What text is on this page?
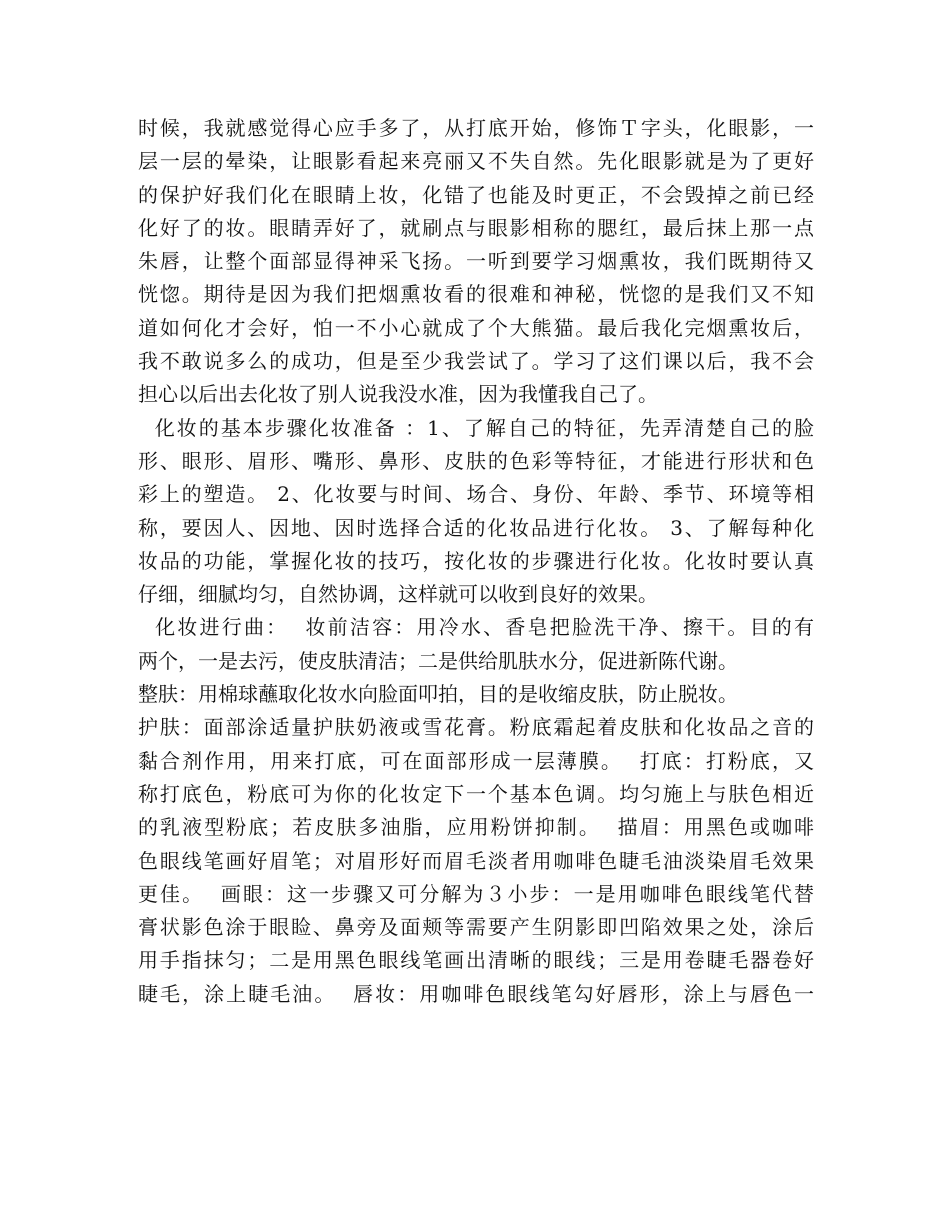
时候，我就感觉得心应手多了，从打底开始，修饰Ｔ字头，化眼影，一
层一层的晕染，让眼影看起来亮丽又不失自然。先化眼影就是为了更好
的保护好我们化在眼睛上妆，化错了也能及时更正，不会毁掉之前已经
化好了的妆。眼睛弄好了，就刷点与眼影相称的腮红，最后抹上那一点
朱唇，让整个面部显得神采飞扬。一听到要学习烟熏妆，我们既期待又
恍惚。期待是因为我们把烟熏妆看的很难和神秘，恍惚的是我们又不知
道如何化才会好，怕一不小心就成了个大熊猫。最后我化完烟熏妆后，
我不敢说多么的成功，但是至少我尝试了。学习了这们课以后，我不会
担心以后出去化妆了别人说我没水准，因为我懂我自己了。
化妆的基本步骤化妆准备 ：1、了解自己的特征，先弄清楚自己的脸
形、眼形、眉形、嘴形、鼻形、皮肤的色彩等特征，才能进行形状和色
彩上的塑造。 2、化妆要与时间、场合、身份、年龄、季节、环境等相
称，要因人、因地、因时选择合适的化妆品进行化妆。 3、了解每种化
妆品的功能，掌握化妆的技巧，按化妆的步骤进行化妆。化妆时要认真
仔细，细腻均匀，自然协调，这样就可以收到良好的效果。
化妆进行曲：  妆前洁容：用冷水、香皂把脸洗干净、擦干。目的有
两个，一是去污，使皮肤清洁；二是供给肌肤水分，促进新陈代谢。
整肤：用棉球蘸取化妆水向脸面叩拍，目的是收缩皮肤，防止脱妆。
护肤：面部涂适量护肤奶液或雪花膏。粉底霜起着皮肤和化妆品之音的
黏合剂作用，用来打底，可在面部形成一层薄膜。  打底：打粉底，又
称打底色，粉底可为你的化妆定下一个基本色调。均匀施上与肤色相近
的乳液型粉底；若皮肤多油脂，应用粉饼抑制。  描眉：用黑色或咖啡
色眼线笔画好眉笔；对眉形好而眉毛淡者用咖啡色睫毛油淡染眉毛效果
更佳。  画眼：这一步骤又可分解为３小步：一是用咖啡色眼线笔代替
膏状影色涂于眼睑、鼻旁及面颊等需要产生阴影即凹陷效果之处，涂后
用手指抹匀；二是用黑色眼线笔画出清晰的眼线；三是用卷睫毛器卷好
睫毛，涂上睫毛油。  唇妆：用咖啡色眼线笔勾好唇形，涂上与唇色一
